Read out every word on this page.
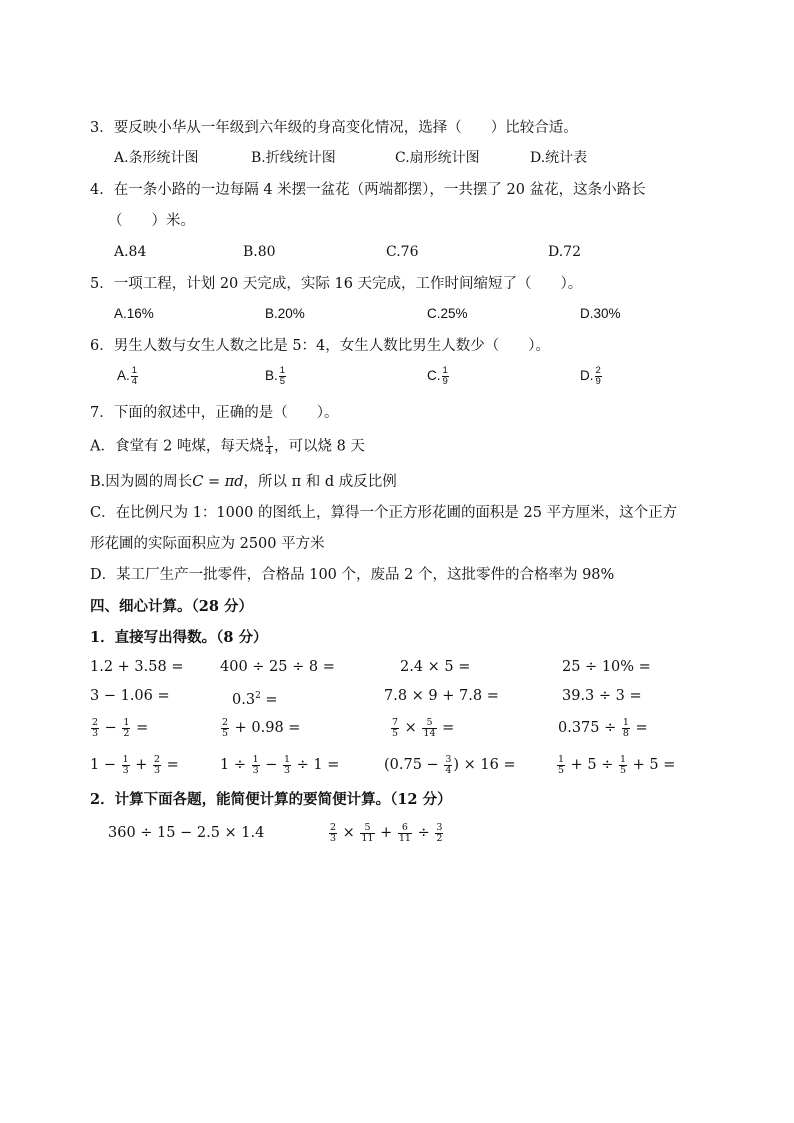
3．要反映小华从一年级到六年级的身高变化情况，选择（　　）比较合适。
A.条形统计图	B.折线统计图	C.扇形统计图	D.统计表
4．在一条小路的一边每隔 4 米摆一盆花（两端都摆），一共摆了 20 盆花，这条小路长
（　　）米。
A.84	B.80	C.76	D.72
5．一项工程，计划 20 天完成，实际 16 天完成，工作时间缩短了（　　）。
A.16%	B.20%	C.25%	D.30%
6．男生人数与女生人数之比是 5：4，女生人数比男生人数少（　　）。
A. $\frac{1}{4}$	B. $\frac{1}{5}$	C. $\frac{1}{9}$	D. $\frac{2}{9}$
7．下面的叙述中，正确的是（　　）。
A．食堂有 2 吨煤，每天烧 $\frac{1}{4}$ ，可以烧 8 天
B.因为圆的周长C = πd，所以 π 和 d 成反比例
C．在比例尺为 1：1000 的图纸上，算得一个正方形花圃的面积是 25 平方厘米，这个正方
形花圃的实际面积应为 2500 平方米
D．某工厂生产一批零件，合格品 100 个，废品 2 个，这批零件的合格率为 98%
四、细心计算。（28 分）
1．直接写出得数。（8 分）
1.2 + 3.58 =	400 ÷ 25 ÷ 8 =	2.4 × 5 =	25 ÷ 10% =
3 − 1.06 =	$0.3^2$ =	7.8 × 9 + 7.8 =	39.3 ÷ 3 =
$\frac{2}{3} - \frac{1}{2}$ =	$\frac{2}{5} + 0.98$ =	$\frac{7}{5} \times \frac{5}{14}$ =	$0.375 \div \frac{1}{8}$ =
$1 - \frac{1}{3} + \frac{2}{3}$ =	$1 \div \frac{1}{3} - \frac{1}{3} \div 1$ =	($0.75 - \frac{3}{4}$ ) × 16 =	$\frac{1}{5} + 5 \div \frac{1}{5} + 5$ =
2．计算下面各题，能简便计算的要简便计算。（12 分）
360 ÷ 15 − 2.5 × 1.4	$\frac{2}{3} \times \frac{5}{11} + \frac{6}{11} \div \frac{3}{2}$
